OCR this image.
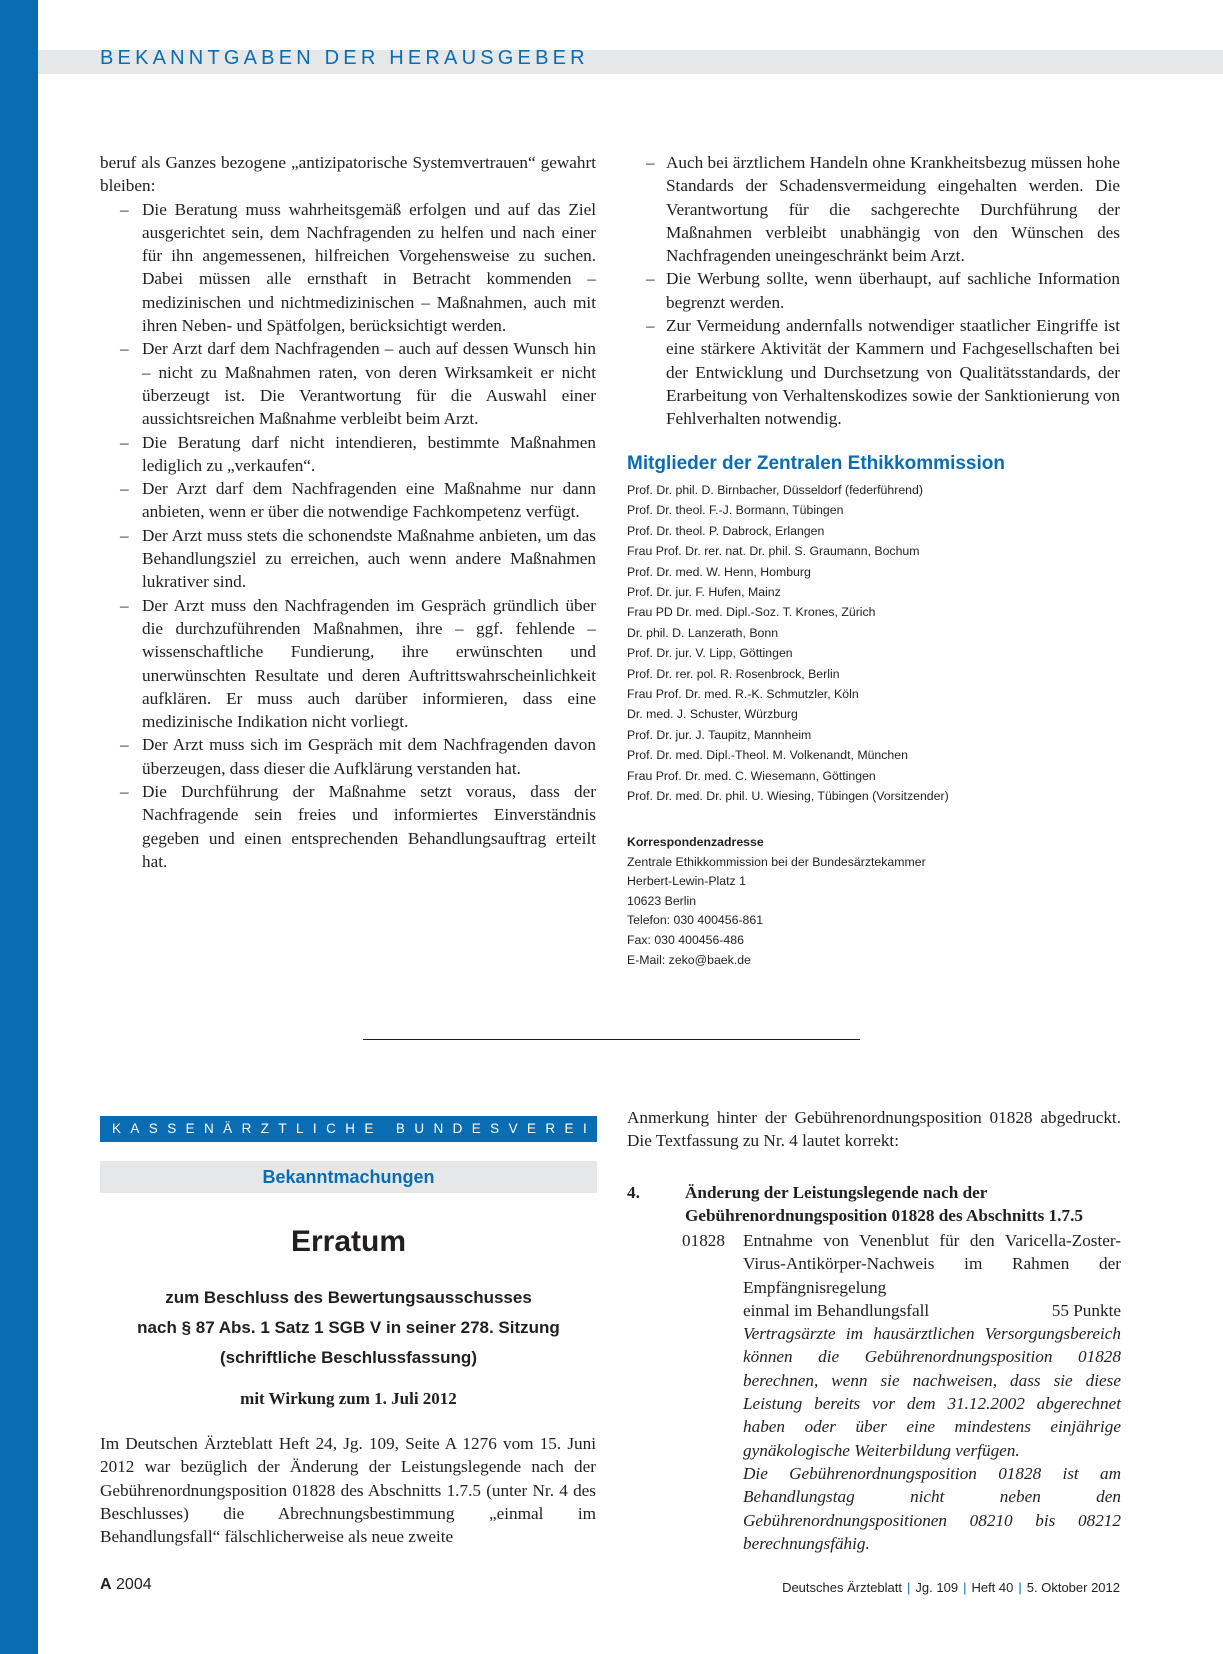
BEKANNTGABEN DER HERAUSGEBER

beruf als Ganzes bezogene „antizipatorische Systemvertrauen“ gewahrt bleiben:

– Die Beratung muss wahrheitsgemäß erfolgen und auf das Ziel ausgerichtet sein, dem Nachfragenden zu helfen und nach einer für ihn angemessenen, hilfreichen Vorgehensweise zu suchen. Dabei müssen alle ernsthaft in Betracht kommenden – medizinischen und nichtmedizinischen – Maßnahmen, auch mit ihren Neben- und Spätfolgen, berücksichtigt werden.
– Der Arzt darf dem Nachfragenden – auch auf dessen Wunsch hin – nicht zu Maßnahmen raten, von deren Wirksamkeit er nicht überzeugt ist. Die Verantwortung für die Auswahl einer aussichtsreichen Maßnahme verbleibt beim Arzt.
– Die Beratung darf nicht intendieren, bestimmte Maßnahmen lediglich zu „verkaufen“.
– Der Arzt darf dem Nachfragenden eine Maßnahme nur dann anbieten, wenn er über die notwendige Fachkompetenz verfügt.
– Der Arzt muss stets die schonendste Maßnahme anbieten, um das Behandlungsziel zu erreichen, auch wenn andere Maßnahmen lukrativer sind.
– Der Arzt muss den Nachfragenden im Gespräch gründlich über die durchzuführenden Maßnahmen, ihre – ggf. fehlende – wissenschaftliche Fundierung, ihre erwünschten und unerwünschten Resultate und deren Auftrittswahrscheinlichkeit aufklären. Er muss auch darüber informieren, dass eine medizinische Indikation nicht vorliegt.
– Der Arzt muss sich im Gespräch mit dem Nachfragenden davon überzeugen, dass dieser die Aufklärung verstanden hat.
– Die Durchführung der Maßnahme setzt voraus, dass der Nachfragende sein freies und informiertes Einverständnis gegeben und einen entsprechenden Behandlungsauftrag erteilt hat.
– Auch bei ärztlichem Handeln ohne Krankheitsbezug müssen hohe Standards der Schadensvermeidung eingehalten werden. Die Verantwortung für die sachgerechte Durchführung der Maßnahmen verbleibt unabhängig von den Wünschen des Nachfragenden uneingeschränkt beim Arzt.
– Die Werbung sollte, wenn überhaupt, auf sachliche Information begrenzt werden.
– Zur Vermeidung andernfalls notwendiger staatlicher Eingriffe ist eine stärkere Aktivität der Kammern und Fachgesellschaften bei der Entwicklung und Durchsetzung von Qualitätsstandards, der Erarbeitung von Verhaltenskodizes sowie der Sanktionierung von Fehlverhalten notwendig.
Mitglieder der Zentralen Ethikkommission
Prof. Dr. phil. D. Birnbacher, Düsseldorf (federführend)
Prof. Dr. theol. F.-J. Bormann, Tübingen
Prof. Dr. theol. P. Dabrock, Erlangen
Frau Prof. Dr. rer. nat. Dr. phil. S. Graumann, Bochum
Prof. Dr. med. W. Henn, Homburg
Prof. Dr. jur. F. Hufen, Mainz
Frau PD Dr. med. Dipl.-Soz. T. Krones, Zürich
Dr. phil. D. Lanzerath, Bonn
Prof. Dr. jur. V. Lipp, Göttingen
Prof. Dr. rer. pol. R. Rosenbrock, Berlin
Frau Prof. Dr. med. R.-K. Schmutzler, Köln
Dr. med. J. Schuster, Würzburg
Prof. Dr. jur. J. Taupitz, Mannheim
Prof. Dr. med. Dipl.-Theol. M. Volkenandt, München
Frau Prof. Dr. med. C. Wiesemann, Göttingen
Prof. Dr. med. Dr. phil. U. Wiesing, Tübingen (Vorsitzender)
Korrespondenzadresse
Zentrale Ethikkommission bei der Bundesärztekammer
Herbert-Lewin-Platz 1
10623 Berlin
Telefon: 030 400456-861
Fax: 030 400456-486
E-Mail: zeko@baek.de
KASSENÄRZTLICHE BUNDESVEREINIGUNG
Bekanntmachungen
Erratum
zum Beschluss des Bewertungsausschusses
nach § 87 Abs. 1 Satz 1 SGB V in seiner 278. Sitzung
(schriftliche Beschlussfassung)
mit Wirkung zum 1. Juli 2012

Im Deutschen Ärzteblatt Heft 24, Jg. 109, Seite A 1276 vom 15. Juni 2012 war bezüglich der Änderung der Leistungslegende nach der Gebührenordnungsposition 01828 des Abschnitts 1.7.5 (unter Nr. 4 des Beschlusses) die Abrechnungsbestimmung „einmal im Behandlungsfall“ fälschlicherweise als neue zweite

Anmerkung hinter der Gebührenordnungsposition 01828 abgedruckt. Die Textfassung zu Nr. 4 lautet korrekt:

4.	Änderung der Leistungslegende nach der Gebührenordnungsposition 01828 des Abschnitts 1.7.5
01828 Entnahme von Venenblut für den Varicella-Zoster-Virus-Antikörper-Nachweis im Rahmen der Empfängnisregelung
einmal im Behandlungsfall	55 Punkte
Vertragsärzte im hausärztlichen Versorgungsbereich können die Gebührenordnungsposition 01828 berechnen, wenn sie nachweisen, dass sie diese Leistung bereits vor dem 31.12.2002 abgerechnet haben oder über eine mindestens einjährige gynäkologische Weiterbildung verfügen.
Die Gebührenordnungsposition 01828 ist am Behandlungstag nicht neben den Gebührenordnungspositionen 08210 bis 08212 berechnungsfähig.
A 2004	Deutsches Ärzteblatt | Jg. 109 | Heft 40 | 5. Oktober 2012
